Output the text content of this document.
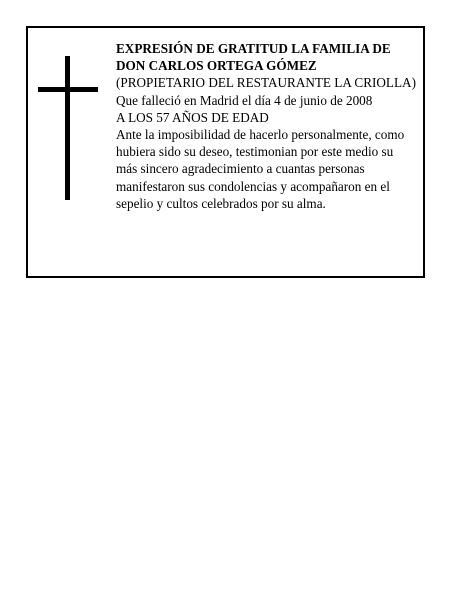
EXPRESIÓN DE GRATITUD LA FAMILIA DE DON CARLOS ORTEGA GÓMEZ

(PROPIETARIO DEL RESTAURANTE LA CRIOLLA)

Que falleció en Madrid el día 4 de junio de 2008

A LOS 57 AÑOS DE EDAD

Ante la imposibilidad de hacerlo personalmente, como hubiera sido su deseo, testimonian por este medio su más sincero agradecimiento a cuantas personas manifestaron sus condolencias y acompañaron en el sepelio y cultos celebrados por su alma.
